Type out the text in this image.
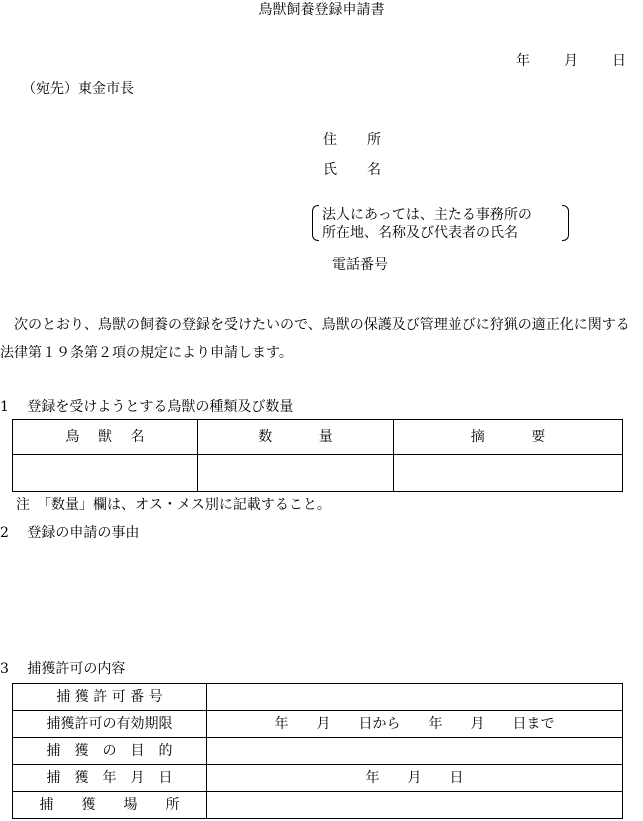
鳥獣飼養登録申請書
年 月 日
（宛先）東金市長
住 所
氏 名
法人にあっては、主たる事務所の
所在地、名称及び代表者の氏名
電話番号

次のとおり、鳥獣の飼養の登録を受けたいので、鳥獣の保護及び管理並びに狩猟の適正化に関する法律第１９条第２項の規定により申請します。

1　 登録を受けようとする鳥獣の種類及び数量
鳥　 獣　 名	数　　　 量	摘　　　 要

注　「数量」欄は、オス・メス別に記載すること。
2　 登録の申請の事由
3　 捕獲許可の内容
捕 獲 許 可 番 号	
捕獲許可の有効期限	年　　月　　日から　　年　　月　　日まで
捕　獲　の　目　的	
捕　獲　年　月　日	年　　月　　日
捕　　獲　　場　　所	
